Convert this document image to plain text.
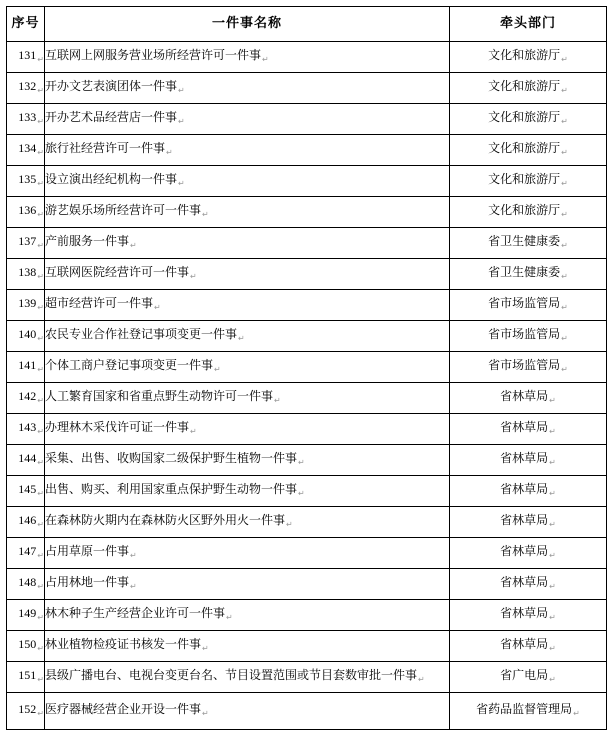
序号	一件事名称	牵头部门
$131_↵$	互联网上网服务营业场所经营许可一件事$_↵$	文化和旅游厅$_↵$
$132_↵$	开办文艺表演团体一件事$_↵$	文化和旅游厅$_↵$
$133_↵$	开办艺术品经营店一件事$_↵$	文化和旅游厅$_↵$
$134_↵$	旅行社经营许可一件事$_↵$	文化和旅游厅$_↵$
$135_↵$	设立演出经纪机构一件事$_↵$	文化和旅游厅$_↵$
$136_↵$	游艺娱乐场所经营许可一件事$_↵$	文化和旅游厅$_↵$
$137_↵$	产前服务一件事$_↵$	省卫生健康委$_↵$
$138_↵$	互联网医院经营许可一件事$_↵$	省卫生健康委$_↵$
$139_↵$	超市经营许可一件事$_↵$	省市场监管局$_↵$
$140_↵$	农民专业合作社登记事项变更一件事$_↵$	省市场监管局$_↵$
$141_↵$	个体工商户登记事项变更一件事$_↵$	省市场监管局$_↵$
$142_↵$	人工繁育国家和省重点野生动物许可一件事$_↵$	省林草局$_↵$
$143_↵$	办理林木采伐许可证一件事$_↵$	省林草局$_↵$
$144_↵$	采集、出售、收购国家二级保护野生植物一件事$_↵$	省林草局$_↵$
$145_↵$	出售、购买、利用国家重点保护野生动物一件事$_↵$	省林草局$_↵$
$146_↵$	在森林防火期内在森林防火区野外用火一件事$_↵$	省林草局$_↵$
$147_↵$	占用草原一件事$_↵$	省林草局$_↵$
$148_↵$	占用林地一件事$_↵$	省林草局$_↵$
$149_↵$	林木种子生产经营企业许可一件事$_↵$	省林草局$_↵$
$150_↵$	林业植物检疫证书核发一件事$_↵$	省林草局$_↵$
$151_↵$	县级广播电台、电视台变更台名、节目设置范围或节目套数审批一件事$_↵$	省广电局$_↵$
$152_↵$	医疗器械经营企业开设一件事$_↵$	省药品监督管理局$_↵$
